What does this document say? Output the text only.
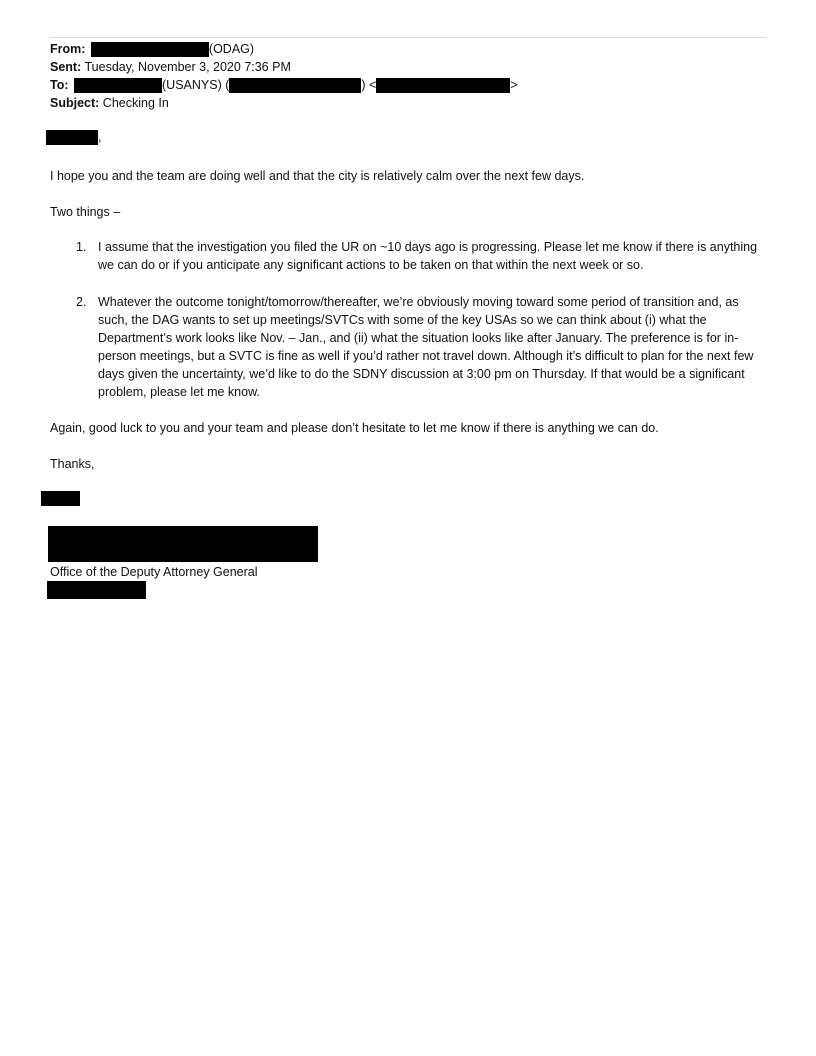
From:	(ODAG)
Sent: Tuesday, November 3, 2020 7:36 PM
To:	(USANYS) (	) <	>
Subject: Checking In
,
I hope you and the team are doing well and that the city is relatively calm over the next few days.
Two things –
1. I assume that the investigation you filed the UR on ~10 days ago is progressing. Please let me know if there is anything we can do or if you anticipate any significant actions to be taken on that within the next week or so.
2. Whatever the outcome tonight/tomorrow/thereafter, we’re obviously moving toward some period of transition and, as such, the DAG wants to set up meetings/SVTCs with some of the key USAs so we can think about (i) what the Department’s work looks like Nov. – Jan., and (ii) what the situation looks like after January. The preference is for in-person meetings, but a SVTC is fine as well if you’d rather not travel down. Although it’s difficult to plan for the next few days given the uncertainty, we’d like to do the SDNY discussion at 3:00 pm on Thursday. If that would be a significant problem, please let me know.
Again, good luck to you and your team and please don’t hesitate to let me know if there is anything we can do.
Thanks,
Office of the Deputy Attorney General
